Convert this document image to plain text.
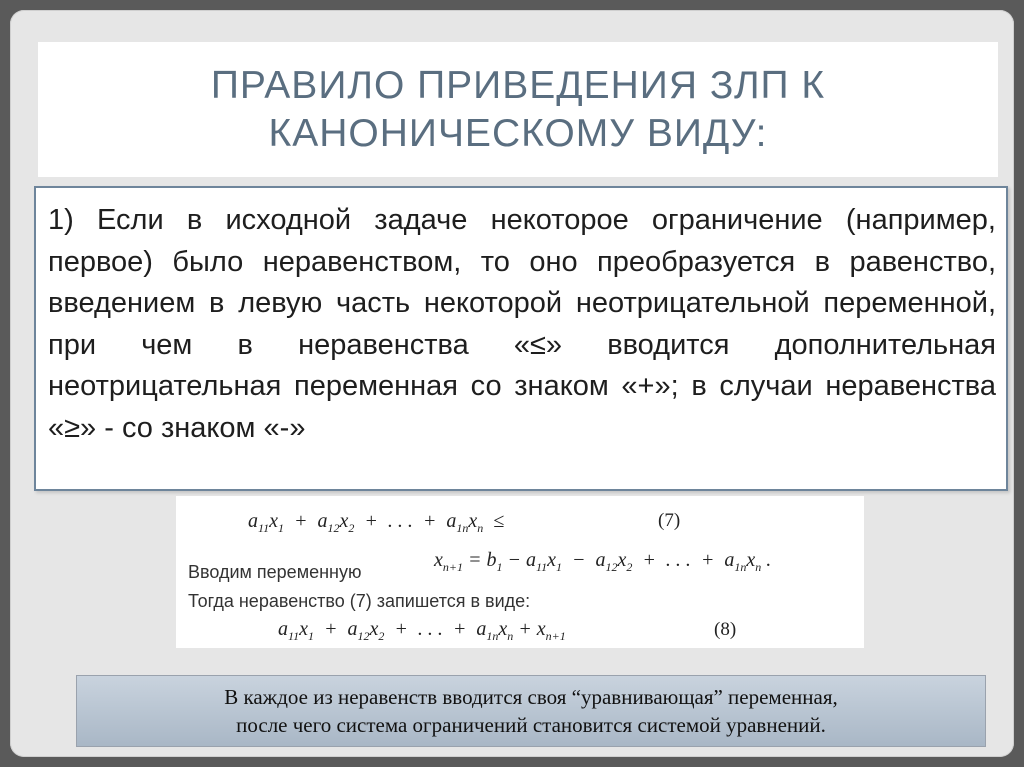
ПРАВИЛО ПРИВЕДЕНИЯ ЗЛП К
КАНОНИЧЕСКОМУ ВИДУ:

1) Если в исходной задаче некоторое ограничение (например, первое) было неравенством, то оно преобразуется в равенство, введением в левую часть некоторой неотрицательной переменной, при чем в неравенства «≤» вводится дополнительная неотрицательная переменная со знаком «+»; в случаи неравенства «≥» - со знаком «-»

$a_{11}x_1 + a_{12}x_2$  +  . . .  +  $a_{1n}x_n$  ≤	(7)
Вводим переменную
$x_{n+1} = b_1 - a_{11}x_1 - a_{12}x_2$  +  . . .  +  $a_{1n}x_n$ .
Тогда неравенство (7) запишется в виде:
$a_{11}x_1 + a_{12}x_2$  +  . . .  +  $a_{1n}x_n + x_{n+1}$	(8)
В каждое из неравенств вводится своя “уравнивающая” переменная,
после чего система ограничений становится системой уравнений.
